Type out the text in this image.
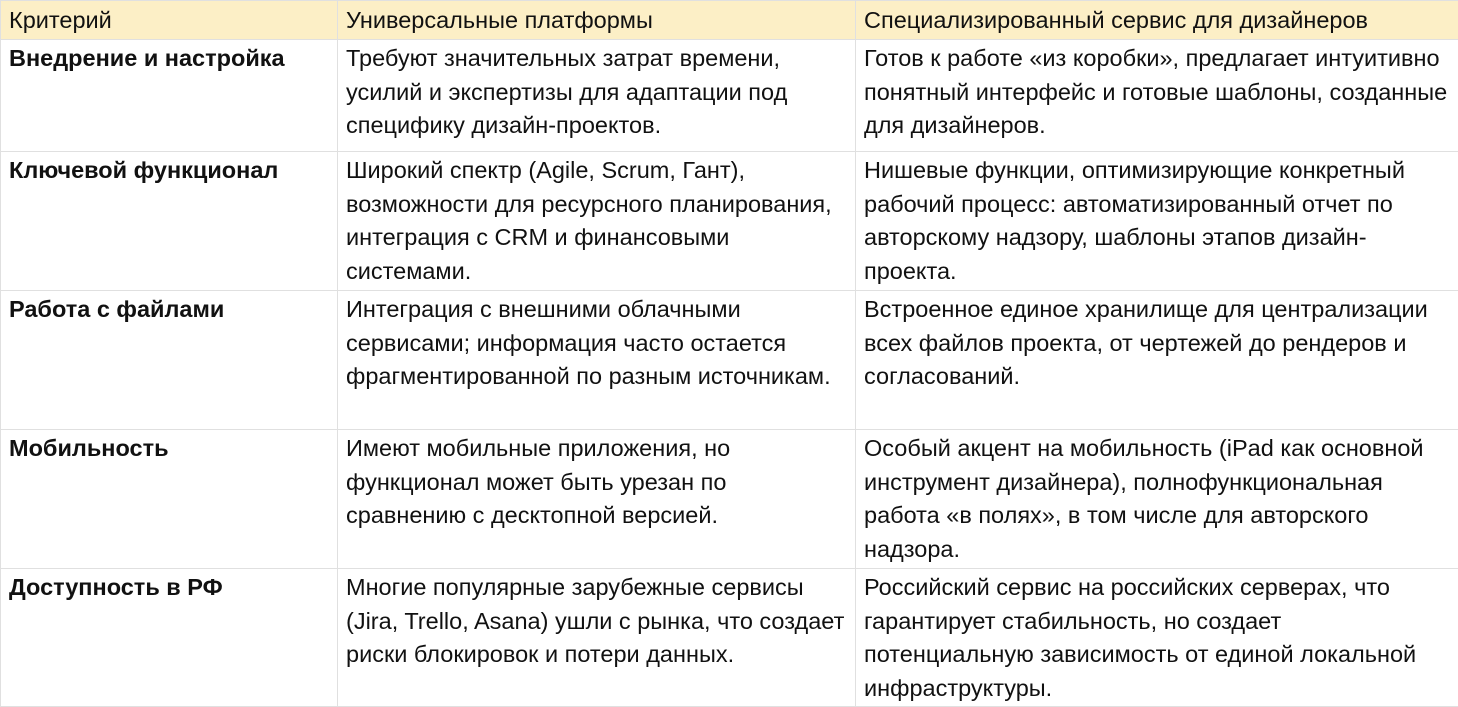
Критерий	Универсальные платформы	Специализированный сервис для дизайнеров
Внедрение и настройка	Требуют значительных затрат времени, усилий и экспертизы для адаптации под специфику дизайн-проектов.	Готов к работе «из коробки», предлагает интуитивно понятный интерфейс и готовые шаблоны, созданные для дизайнеров.
Ключевой функционал	Широкий спектр (Agile, Scrum, Гант), возможности для ресурсного планирования, интеграция с CRM и финансовыми системами.	Нишевые функции, оптимизирующие конкретный рабочий процесс: автоматизированный отчет по авторскому надзору, шаблоны этапов дизайн-проекта.
Работа с файлами	Интеграция с внешними облачными сервисами; информация часто остается фрагментированной по разным источникам.	Встроенное единое хранилище для централизации всех файлов проекта, от чертежей до рендеров и согласований.
Мобильность	Имеют мобильные приложения, но функционал может быть урезан по сравнению с десктопной версией.	Особый акцент на мобильность (iPad как основной инструмент дизайнера), полнофункциональная работа «в полях», в том числе для авторского надзора.
Доступность в РФ	Многие популярные зарубежные сервисы (Jira, Trello, Asana) ушли с рынка, что создает риски блокировок и потери данных.	Российский сервис на российских серверах, что гарантирует стабильность, но создает потенциальную зависимость от единой локальной инфраструктуры.
